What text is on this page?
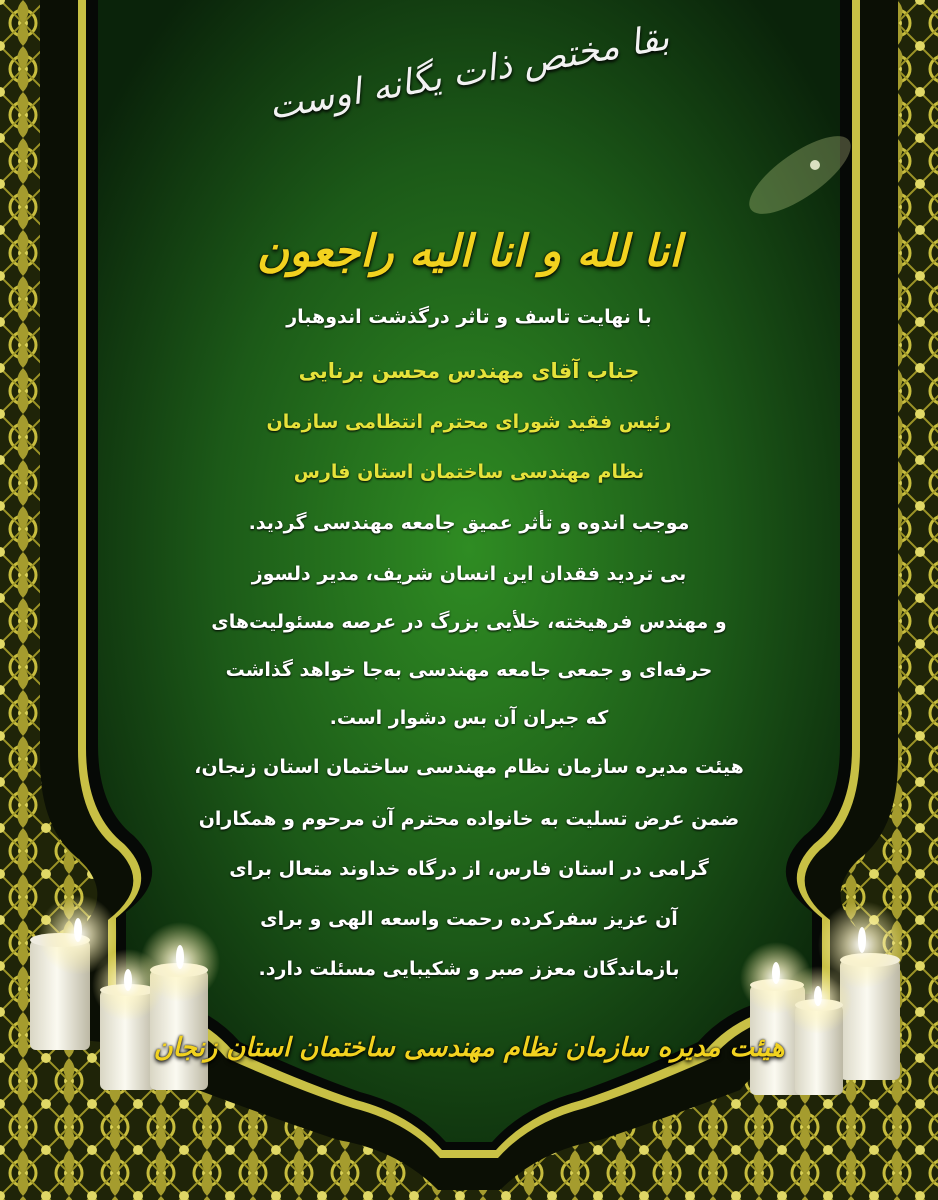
بقا مختص ذات یگانه اوست
انا لله و انا الیه راجعون
با نهایت تاسف و تاثر درگذشت اندوهبار
جناب آقای مهندس محسن برنایی
رئیس فقید شورای محترم انتظامی سازمان
نظام مهندسی ساختمان استان فارس
موجب اندوه و تأثر عمیق جامعه مهندسی گردید.
بی تردید فقدان این انسان شریف، مدیر دلسوز
و مهندس فرهیخته، خلأیی بزرگ در عرصه مسئولیت‌های
حرفه‌ای و جمعی جامعه مهندسی به‌جا خواهد گذاشت
که جبران آن بس دشوار است.
هیئت مدیره سازمان نظام مهندسی ساختمان استان زنجان،
ضمن عرض تسلیت به خانواده محترم آن مرحوم و همکاران
گرامی در استان فارس، از درگاه خداوند متعال برای
آن عزیز سفرکرده رحمت واسعه الهی و برای
بازماندگان معزز صبر و شکیبایی مسئلت دارد.
هیئت مدیره سازمان نظام مهندسی ساختمان استان زنجان
